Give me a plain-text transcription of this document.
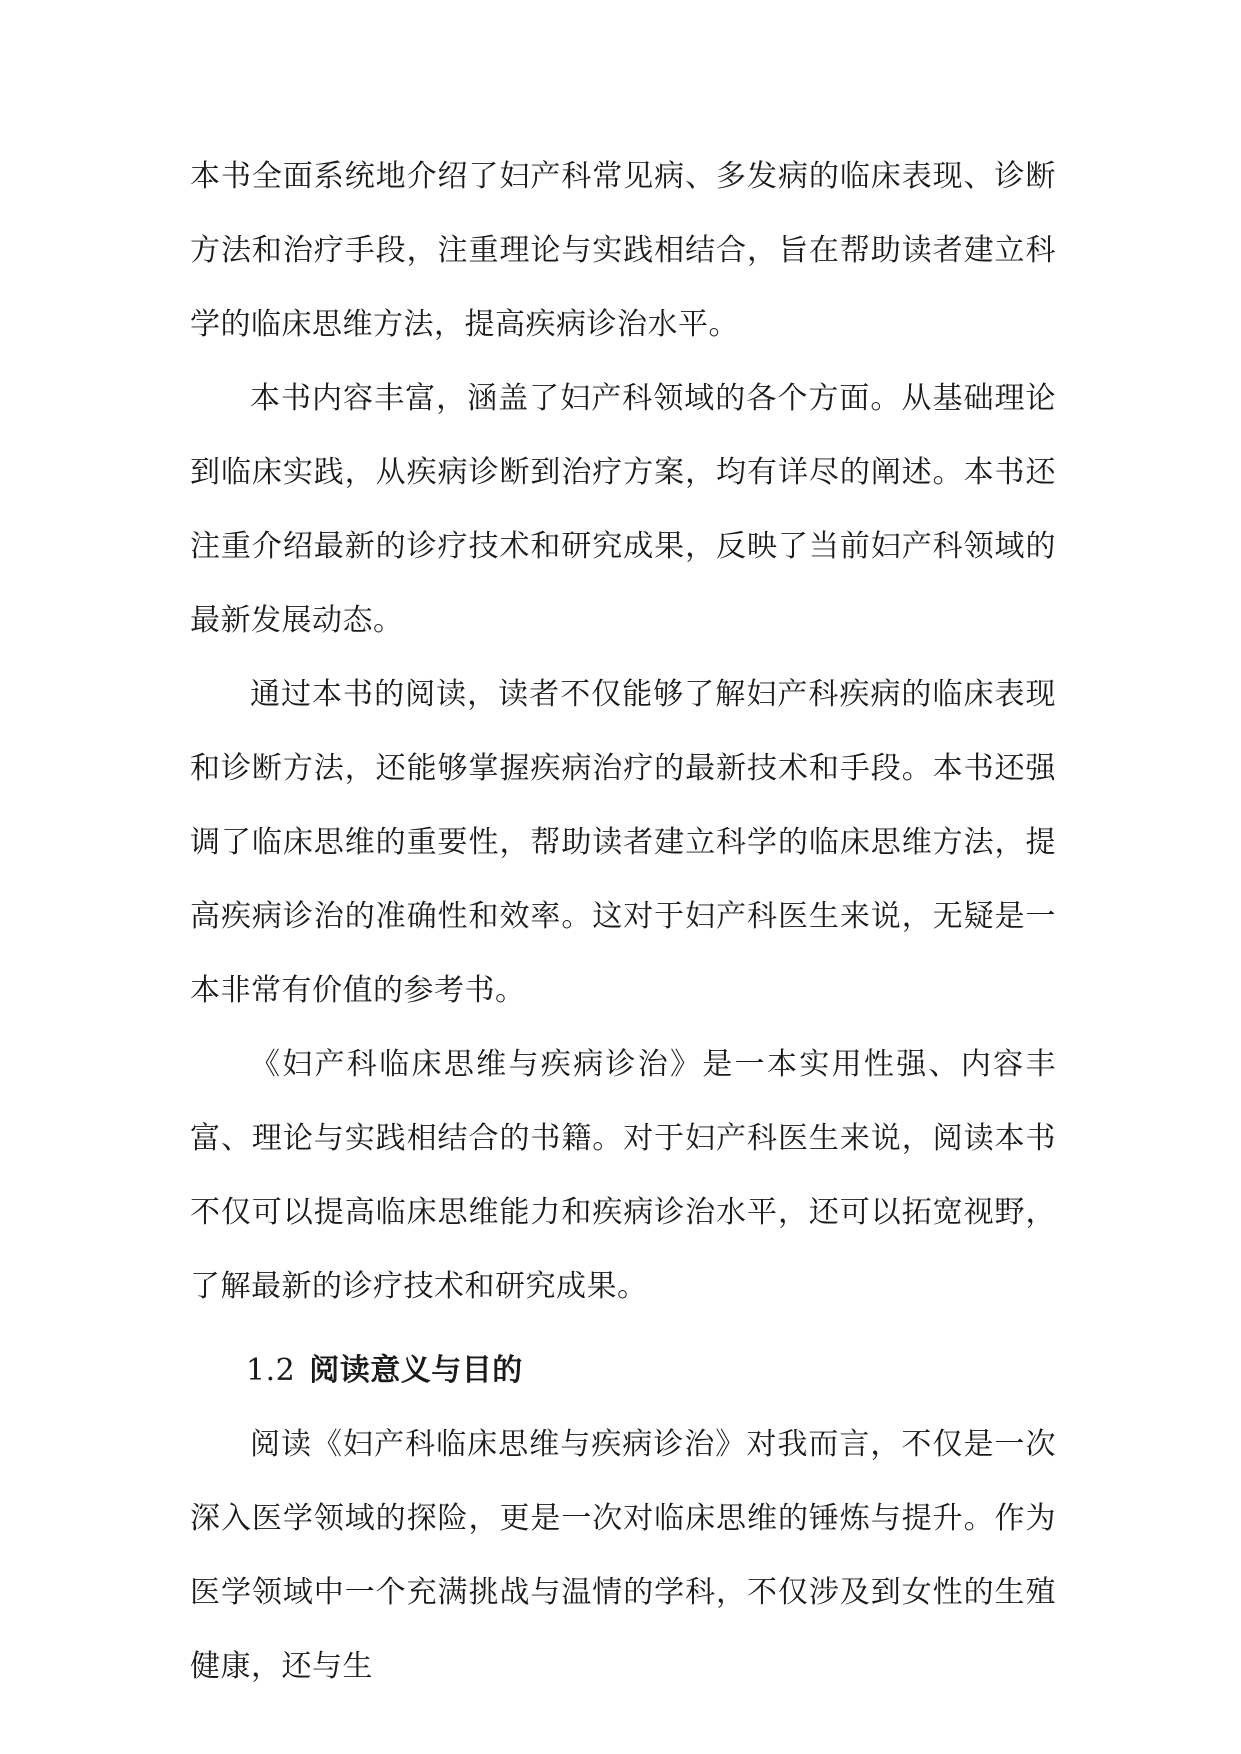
本书全面系统地介绍了妇产科常见病、多发病的临床表现、诊断方法和治疗手段，注重理论与实践相结合，旨在帮助读者建立科学的临床思维方法，提高疾病诊治水平。

本书内容丰富，涵盖了妇产科领域的各个方面。从基础理论到临床实践，从疾病诊断到治疗方案，均有详尽的阐述。本书还注重介绍最新的诊疗技术和研究成果，反映了当前妇产科领域的最新发展动态。

通过本书的阅读，读者不仅能够了解妇产科疾病的临床表现和诊断方法，还能够掌握疾病治疗的最新技术和手段。本书还强调了临床思维的重要性，帮助读者建立科学的临床思维方法，提高疾病诊治的准确性和效率。这对于妇产科医生来说，无疑是一本非常有价值的参考书。

《妇产科临床思维与疾病诊治》是一本实用性强、内容丰富、理论与实践相结合的书籍。对于妇产科医生来说，阅读本书不仅可以提高临床思维能力和疾病诊治水平，还可以拓宽视野，了解最新的诊疗技术和研究成果。

1.2 阅读意义与目的

阅读《妇产科临床思维与疾病诊治》对我而言，不仅是一次深入医学领域的探险，更是一次对临床思维的锤炼与提升。作为医学领域中一个充满挑战与温情的学科，不仅涉及到女性的生殖健康，还与生
